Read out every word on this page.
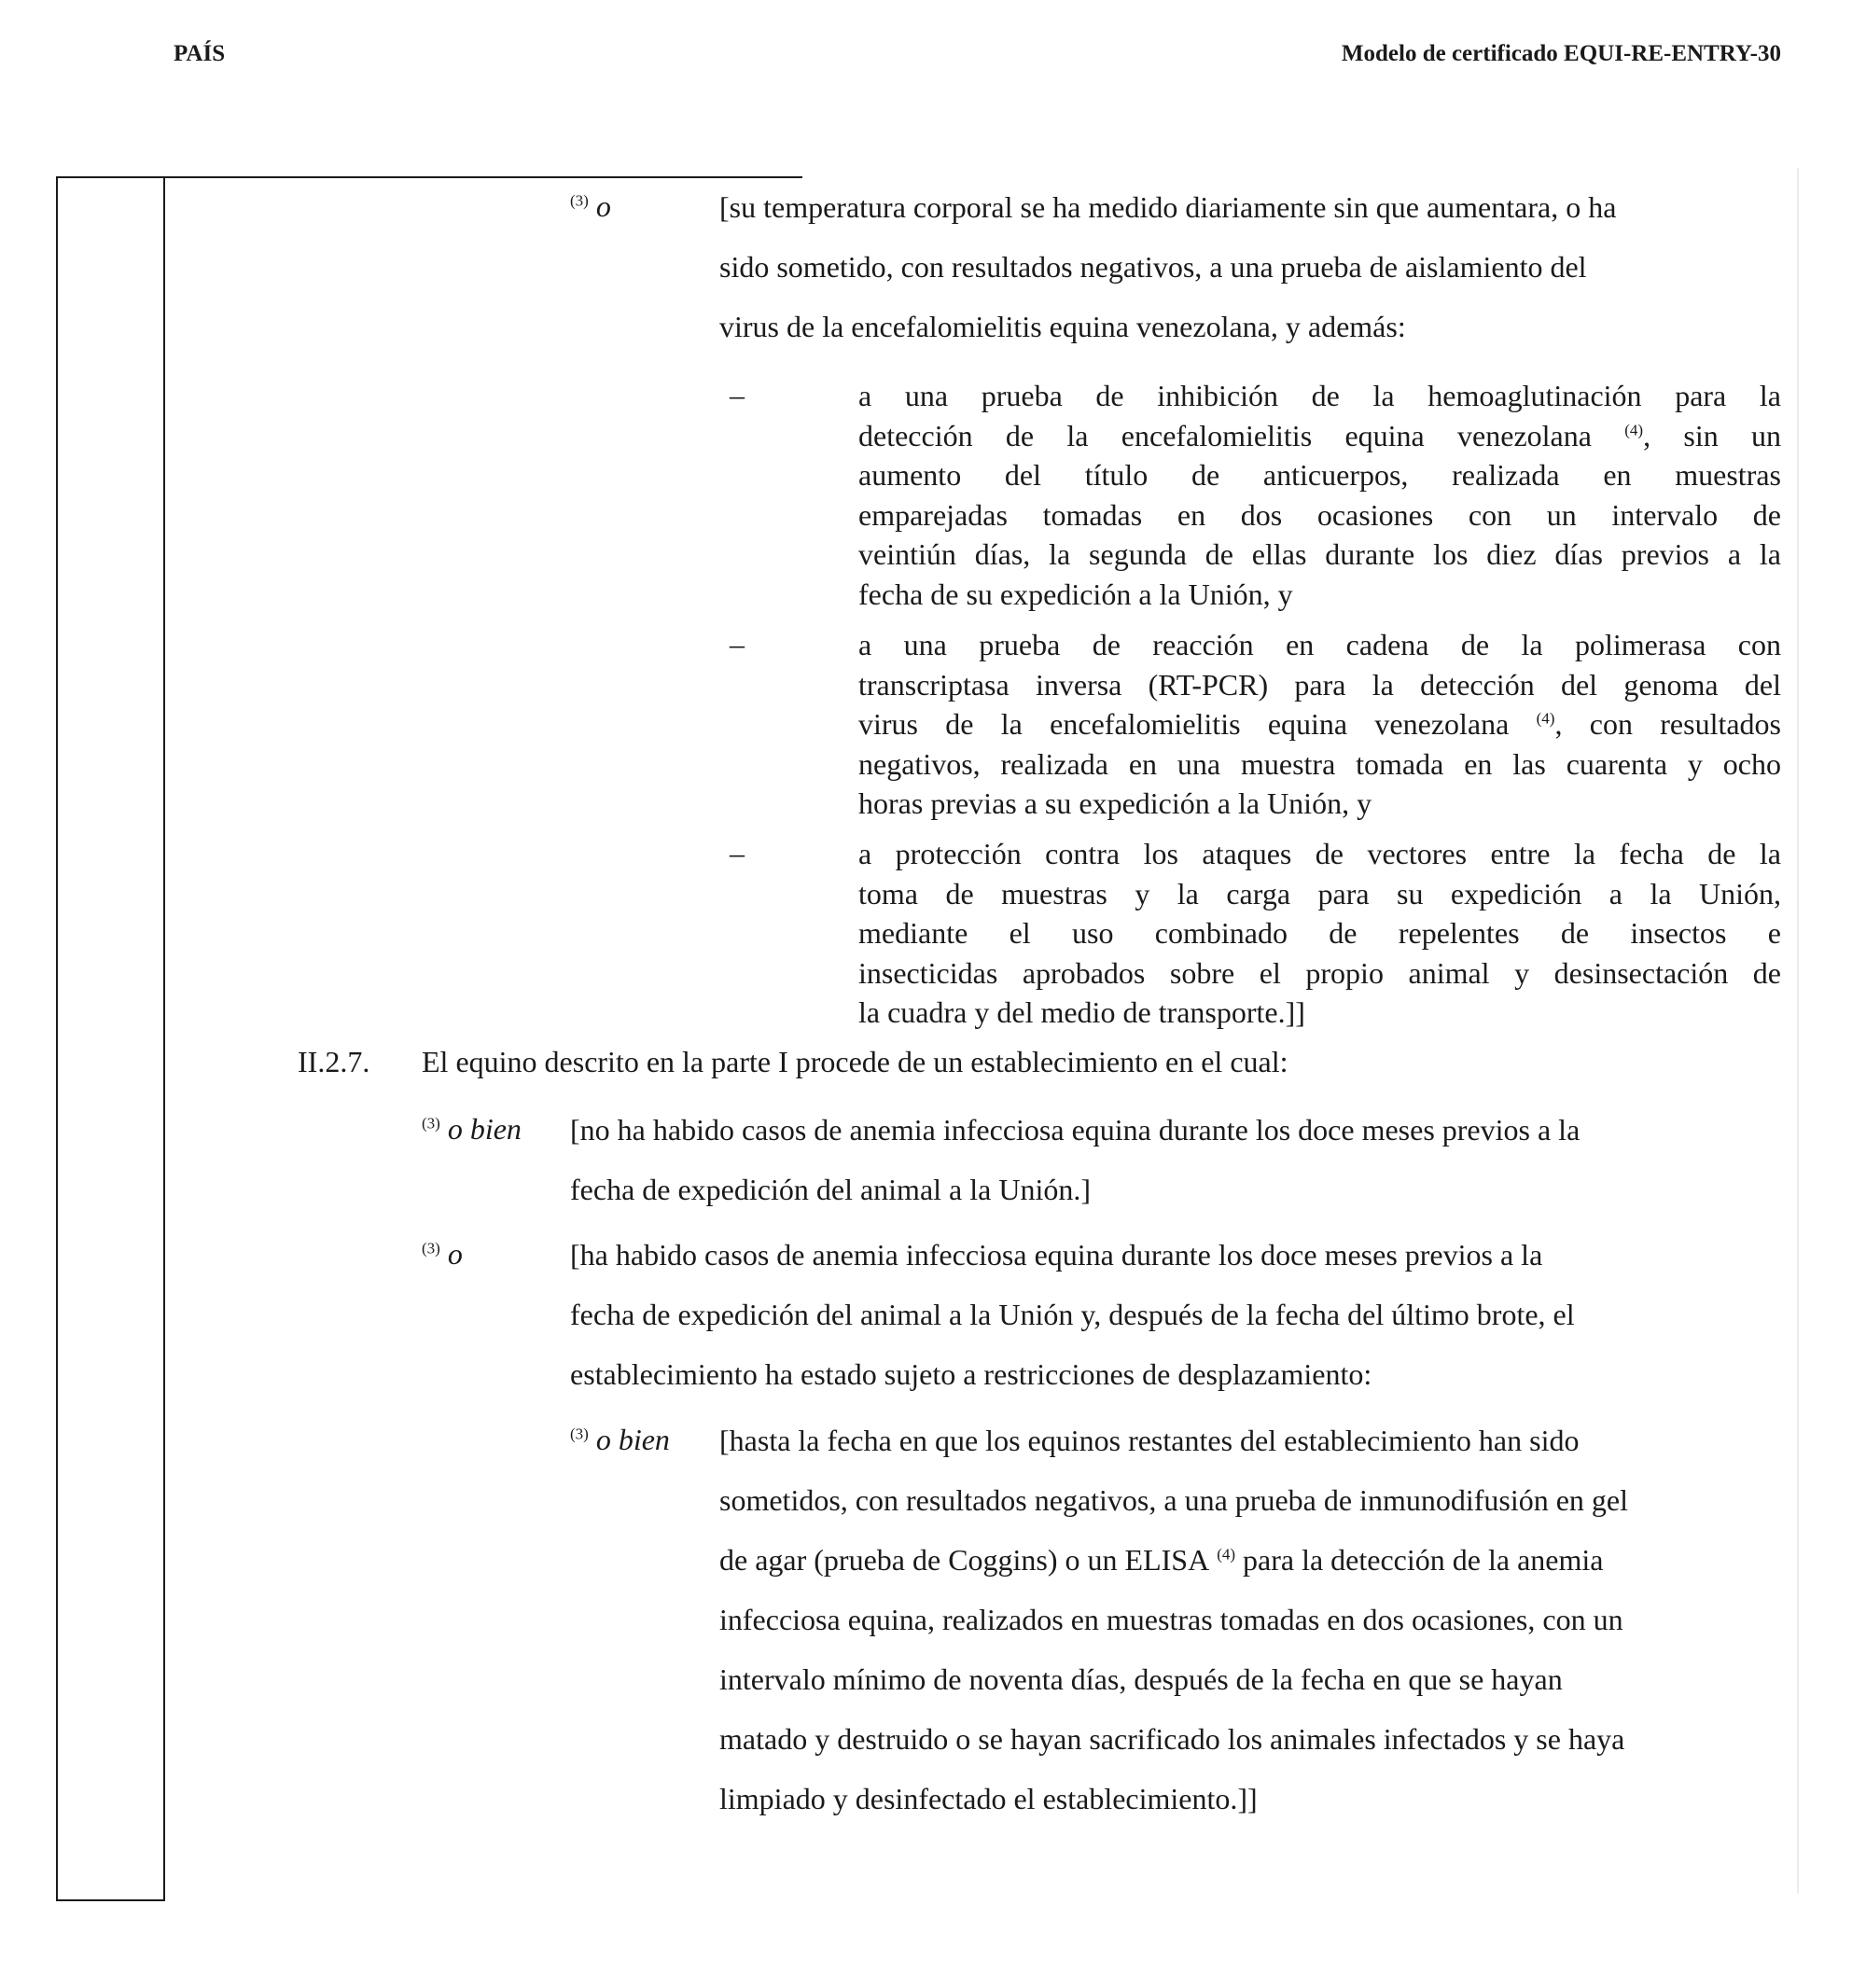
PAÍS	Modelo de certificado EQUI-RE-ENTRY-30
$^{(3)}$ o	[su temperatura corporal se ha medido diariamente sin que aumentara, o ha
sido sometido, con resultados negativos, a una prueba de aislamiento del
virus de la encefalomielitis equina venezolana, y además:
–	a una prueba de inhibición de la hemoaglutinación para la
detección de la encefalomielitis equina venezolana $^{(4)}$, sin un
aumento del título de anticuerpos, realizada en muestras
emparejadas tomadas en dos ocasiones con un intervalo de
veintiún días, la segunda de ellas durante los diez días previos a la
fecha de su expedición a la Unión, y
–	a una prueba de reacción en cadena de la polimerasa con
transcriptasa inversa (RT-PCR) para la detección del genoma del
virus de la encefalomielitis equina venezolana $^{(4)}$, con resultados
negativos, realizada en una muestra tomada en las cuarenta y ocho
horas previas a su expedición a la Unión, y
–	a protección contra los ataques de vectores entre la fecha de la
toma de muestras y la carga para su expedición a la Unión,
mediante el uso combinado de repelentes de insectos e
insecticidas aprobados sobre el propio animal y desinsectación de
la cuadra y del medio de transporte.]]
II.2.7. El equino descrito en la parte I procede de un establecimiento en el cual:
$^{(3)}$ o bien [no ha habido casos de anemia infecciosa equina durante los doce meses previos a la
fecha de expedición del animal a la Unión.]
$^{(3)}$ o	[ha habido casos de anemia infecciosa equina durante los doce meses previos a la
fecha de expedición del animal a la Unión y, después de la fecha del último brote, el
establecimiento ha estado sujeto a restricciones de desplazamiento:
$^{(3)}$ o bien [hasta la fecha en que los equinos restantes del establecimiento han sido
sometidos, con resultados negativos, a una prueba de inmunodifusión en gel
de agar (prueba de Coggins) o un ELISA $^{(4)}$ para la detección de la anemia
infecciosa equina, realizados en muestras tomadas en dos ocasiones, con un
intervalo mínimo de noventa días, después de la fecha en que se hayan
matado y destruido o se hayan sacrificado los animales infectados y se haya
limpiado y desinfectado el establecimiento.]]
